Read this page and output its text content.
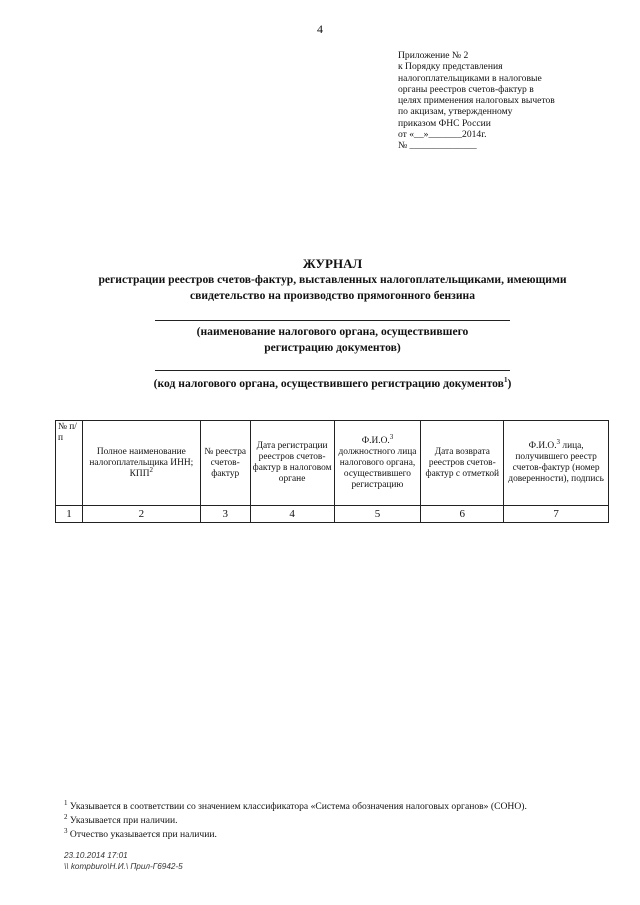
4
Приложение № 2
к Порядку представления
налогоплательщиками в налоговые
органы реестров счетов-фактур в
целях применения налоговых вычетов
по акцизам, утвержденному
приказом ФНС России
от «__»_______2014г.
№ ______________
ЖУРНАЛ
регистрации реестров счетов-фактур, выставленных налогоплательщиками, имеющими
свидетельство на производство прямогонного бензина
(наименование налогового органа, осуществившего
регистрацию документов)
(код налогового органа, осуществившего регистрацию документов$^1$)
№ п/п	Полное наименование налогоплательщика ИНН; КПП$^2$	№ реестра счетов-фактур	Дата регистрации реестров счетов-фактур в налоговом органе	Ф.И.О.$^3$ должностного лица налогового органа, осуществившего регистрацию	Дата возврата реестров счетов-фактур с отметкой	Ф.И.О.$^3$ лица, получившего реестр счетов-фактур (номер доверенности), подпись
1	2	3	4	5	6	7
$^1$ Указывается в соответствии со значением классификатора «Система обозначения налоговых органов» (СОНО).
$^2$ Указывается при наличии.
$^3$ Отчество указывается при наличии.
23.10.2014 17:01
\\ kompburo\Н.И.\ Прил-Г6942-5
